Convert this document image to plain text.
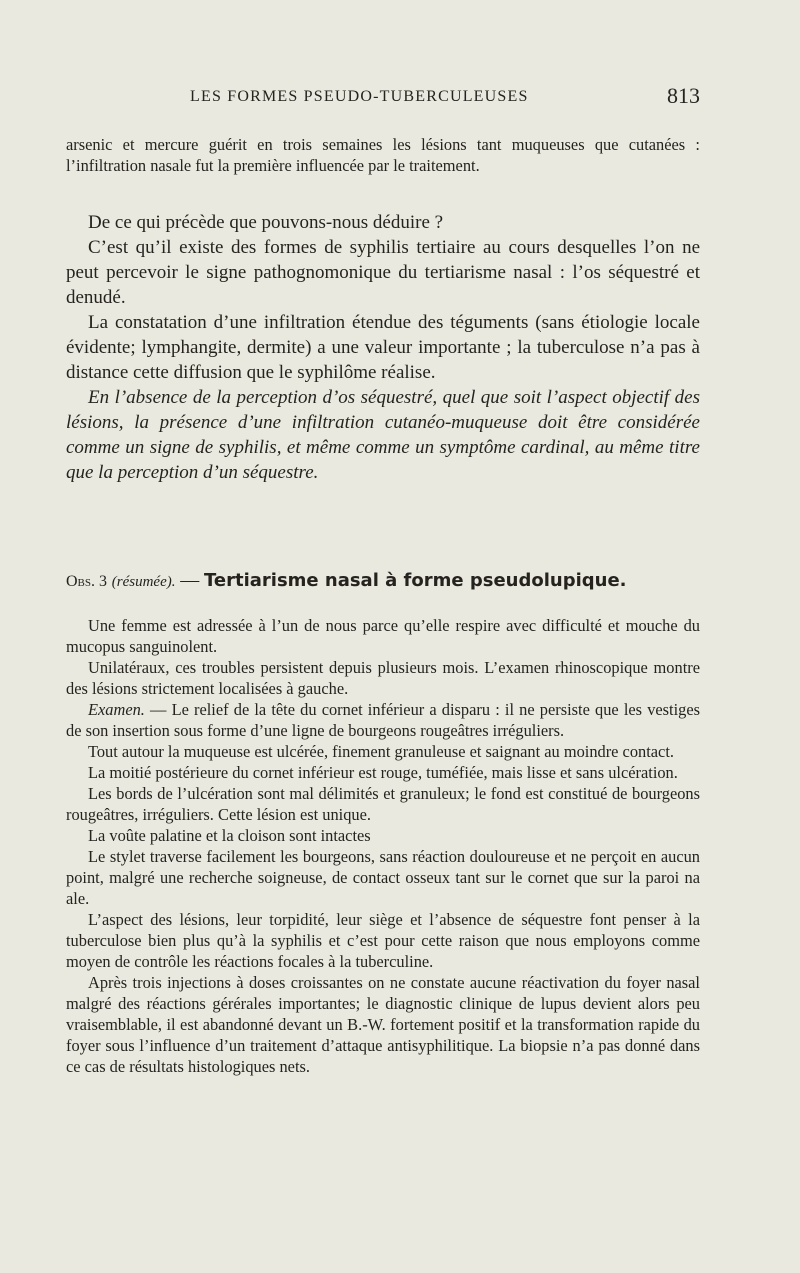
LES FORMES PSEUDO-TUBERCULEUSES	813

arsenic et mercure guérit en trois semaines les lésions tant muqueuses que cutanées : l’infiltration nasale fut la première influencée par le traitement.

De ce qui précède que pouvons-nous déduire ?

C’est qu’il existe des formes de syphilis tertiaire au cours desquelles l’on ne peut percevoir le signe pathognomonique du tertiarisme nasal : l’os séquestré et denudé.

La constatation d’une infiltration étendue des téguments (sans étiologie locale évidente; lymphangite, dermite) a une valeur importante ; la tuberculose n’a pas à distance cette diffusion que le syphilôme réalise.

En l’absence de la perception d’os séquestré, quel que soit l’aspect objectif des lésions, la présence d’une infiltration cutanéo-muqueuse doit être considérée comme un signe de syphilis, et même comme un symptôme cardinal, au même titre que la perception d’un séquestre.

Obs. 3 (résumée). — Tertiarisme nasal à forme pseudolupique.

Une femme est adressée à l’un de nous parce qu’elle respire avec difficulté et mouche du mucopus sanguinolent.

Unilatéraux, ces troubles persistent depuis plusieurs mois. L’examen rhinoscopique montre des lésions strictement localisées à gauche.

Examen. — Le relief de la tête du cornet inférieur a disparu : il ne persiste que les vestiges de son insertion sous forme d’une ligne de bourgeons rougeâtres irréguliers.

Tout autour la muqueuse est ulcérée, finement granuleuse et saignant au moindre contact.

La moitié postérieure du cornet inférieur est rouge, tuméfiée, mais lisse et sans ulcération.

Les bords de l’ulcération sont mal délimités et granuleux; le fond est constitué de bourgeons rougeâtres, irréguliers. Cette lésion est unique.

La voûte palatine et la cloison sont intactes

Le stylet traverse facilement les bourgeons, sans réaction douloureuse et ne perçoit en aucun point, malgré une recherche soigneuse, de contact osseux tant sur le cornet que sur la paroi na ale.

L’aspect des lésions, leur torpidité, leur siège et l’absence de séquestre font penser à la tuberculose bien plus qu’à la syphilis et c’est pour cette raison que nous employons comme moyen de contrôle les réactions focales à la tuberculine.

Après trois injections à doses croissantes on ne constate aucune réactivation du foyer nasal malgré des réactions gérérales importantes; le diagnostic clinique de lupus devient alors peu vraisemblable, il est abandonné devant un B.-W. fortement positif et la transformation rapide du foyer sous l’influence d’un traitement d’attaque antisyphilitique. La biopsie n’a pas donné dans ce cas de résultats histologiques nets.
